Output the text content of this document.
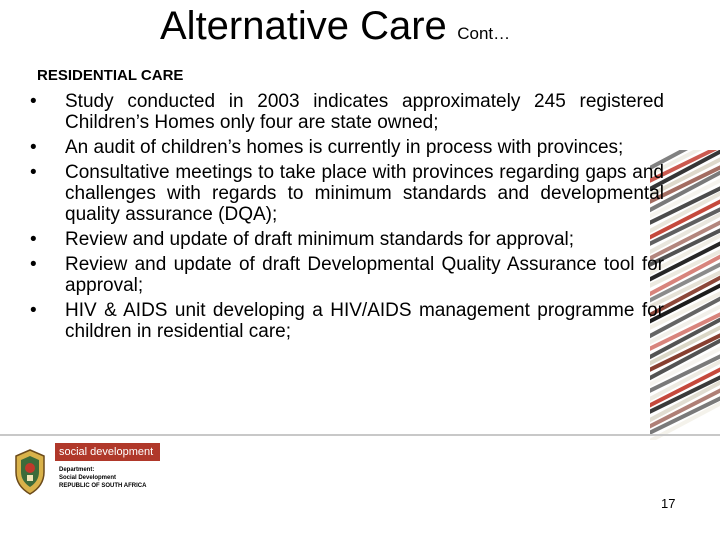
Alternative Care Cont…
RESIDENTIAL CARE
•	Study conducted in 2003 indicates approximately 245 registered Children’s Homes only four are state owned;
•	An audit of children’s homes is currently in process with provinces;
•	Consultative meetings to take place with provinces regarding gaps and challenges with regards to minimum standards and developmental quality assurance (DQA);
•	Review and update of draft minimum standards for approval;
•	Review and update of draft Developmental Quality Assurance tool for approval;
•	HIV & AIDS unit developing a HIV/AIDS management programme for children in residential care;
social development
Department:
Social Development
REPUBLIC OF SOUTH AFRICA
17
